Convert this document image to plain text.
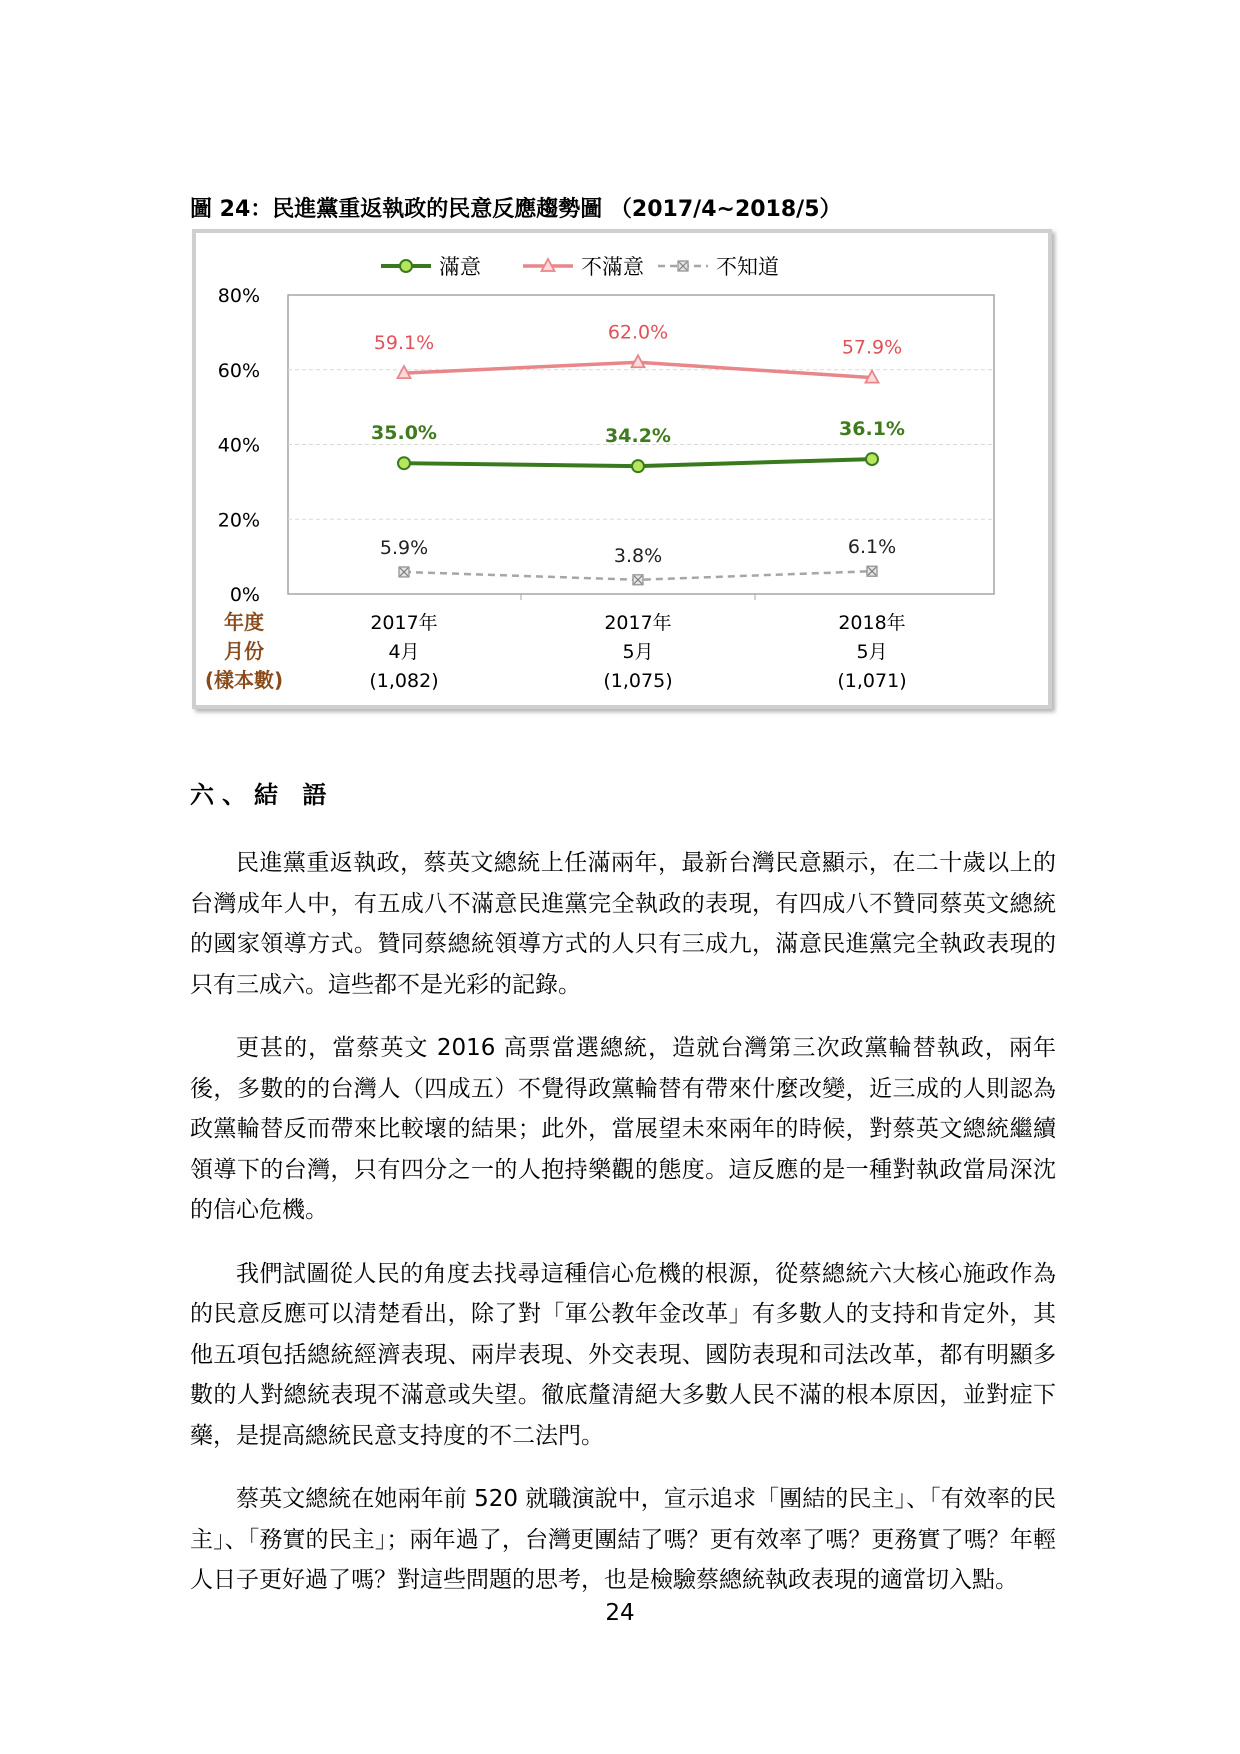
圖 24：民進黨重返執政的民意反應趨勢圖 （2017/4~2018/5）
0%
20%
40%
60%
80%
35.0%	34.2%	36.1%
59.1%	62.0%
57.9%
5.9%	3.8%	6.1%
滿意	不滿意	不知道
年度
月份
(樣本數)
2017年
4月
(1,082)
2017年
5月
(1,075)
2018年
5月
(1,071)
六、結 語

民進黨重返執政，蔡英文總統上任滿兩年，最新台灣民意顯示，在二十歲以上的台灣成年人中，有五成八不滿意民進黨完全執政的表現，有四成八不贊同蔡英文總統的國家領導方式。贊同蔡總統領導方式的人只有三成九，滿意民進黨完全執政表現的只有三成六。這些都不是光彩的記錄。

更甚的，當蔡英文 2016 高票當選總統，造就台灣第三次政黨輪替執政，兩年後，多數的的台灣人（四成五）不覺得政黨輪替有帶來什麼改變，近三成的人則認為政黨輪替反而帶來比較壞的結果；此外，當展望未來兩年的時候，對蔡英文總統繼續領導下的台灣，只有四分之一的人抱持樂觀的態度。這反應的是一種對執政當局深沈的信心危機。

我們試圖從人民的角度去找尋這種信心危機的根源，從蔡總統六大核心施政作為的民意反應可以清楚看出，除了對「軍公教年金改革」有多數人的支持和肯定外，其他五項包括總統經濟表現、兩岸表現、外交表現、國防表現和司法改革，都有明顯多數的人對總統表現不滿意或失望。徹底釐清絕大多數人民不滿的根本原因，並對症下藥，是提高總統民意支持度的不二法門。

蔡英文總統在她兩年前 520 就職演說中，宣示追求「團結的民主」、「有效率的民主」、「務實的民主」；兩年過了，台灣更團結了嗎？更有效率了嗎？更務實了嗎？年輕人日子更好過了嗎？對這些問題的思考，也是檢驗蔡總統執政表現的適當切入點。

24
